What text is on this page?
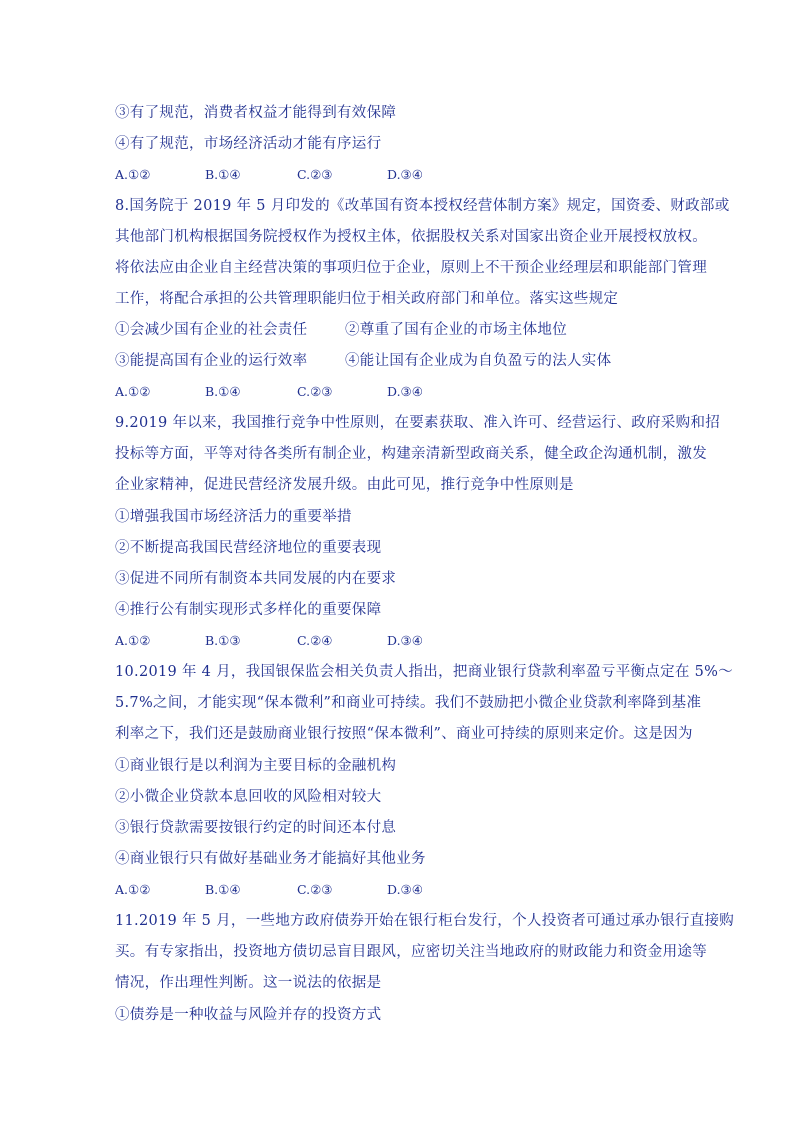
③有了规范，消费者权益才能得到有效保障
④有了规范，市场经济活动才能有序运行
A.①②	B.①④	C.②③	D.③④
8.国务院于 2019 年 5 月印发的《改革国有资本授权经营体制方案》规定，国资委、财政部或
其他部门机构根据国务院授权作为授权主体，依据股权关系对国家出资企业开展授权放权。
将依法应由企业自主经营决策的事项归位于企业，原则上不干预企业经理层和职能部门管理
工作，将配合承担的公共管理职能归位于相关政府部门和单位。落实这些规定
①会减少国有企业的社会责任	②尊重了国有企业的市场主体地位
③能提高国有企业的运行效率	④能让国有企业成为自负盈亏的法人实体
A.①②	B.①④	C.②③	D.③④
9.2019 年以来，我国推行竞争中性原则，在要素获取、准入许可、经营运行、政府采购和招
投标等方面，平等对待各类所有制企业，构建亲清新型政商关系，健全政企沟通机制，激发
企业家精神，促进民营经济发展升级。由此可见，推行竞争中性原则是
①增强我国市场经济活力的重要举措
②不断提高我国民营经济地位的重要表现
③促进不同所有制资本共同发展的内在要求
④推行公有制实现形式多样化的重要保障
A.①②	B.①③	C.②④	D.③④
10.2019 年 4 月，我国银保监会相关负责人指出，把商业银行贷款利率盈亏平衡点定在 5%～
5.7%之间，才能实现“保本微利”和商业可持续。我们不鼓励把小微企业贷款利率降到基准
利率之下，我们还是鼓励商业银行按照“保本微利”、商业可持续的原则来定价。这是因为
①商业银行是以利润为主要目标的金融机构
②小微企业贷款本息回收的风险相对较大
③银行贷款需要按银行约定的时间还本付息
④商业银行只有做好基础业务才能搞好其他业务
A.①②	B.①④	C.②③	D.③④
11.2019 年 5 月，一些地方政府债券开始在银行柜台发行，个人投资者可通过承办银行直接购
买。有专家指出，投资地方债切忌盲目跟风，应密切关注当地政府的财政能力和资金用途等
情况，作出理性判断。这一说法的依据是
①债券是一种收益与风险并存的投资方式
